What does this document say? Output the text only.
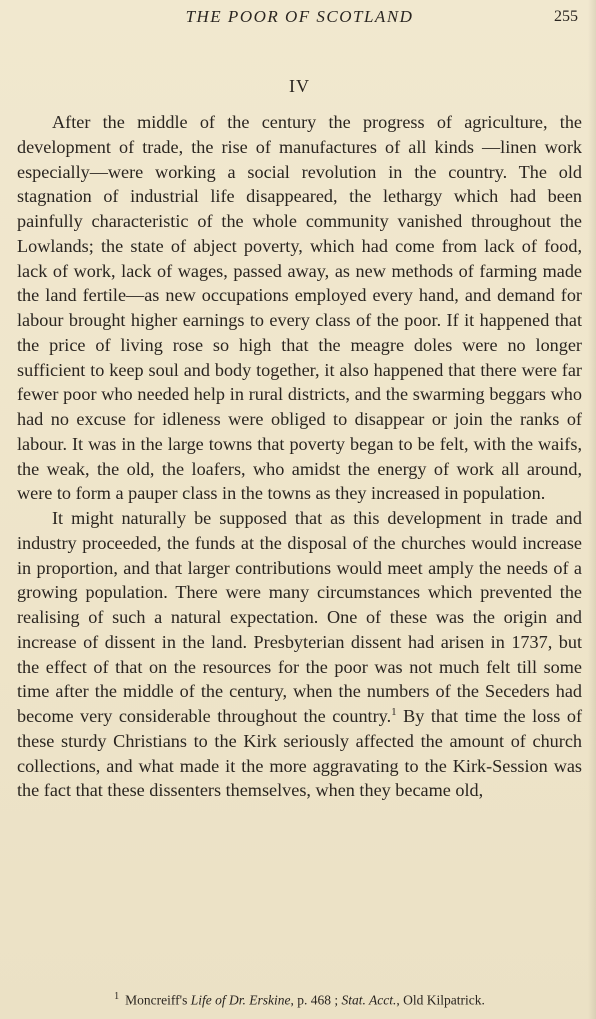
THE POOR OF SCOTLAND	255
IV

After the middle of the century the progress of agriculture, the development of trade, the rise of manufactures of all kinds —linen work especially—were working a social revolution in the country. The old stagnation of industrial life disappeared, the lethargy which had been painfully characteristic of the whole community vanished throughout the Lowlands; the state of abject poverty, which had come from lack of food, lack of work, lack of wages, passed away, as new methods of farming made the land fertile—as new occupations employed every hand, and demand for labour brought higher earnings to every class of the poor. If it happened that the price of living rose so high that the meagre doles were no longer sufficient to keep soul and body together, it also happened that there were far fewer poor who needed help in rural districts, and the swarming beggars who had no excuse for idleness were obliged to disappear or join the ranks of labour. It was in the large towns that poverty began to be felt, with the waifs, the weak, the old, the loafers, who amidst the energy of work all around, were to form a pauper class in the towns as they increased in population.

It might naturally be supposed that as this development in trade and industry proceeded, the funds at the disposal of the churches would increase in proportion, and that larger contributions would meet amply the needs of a growing population. There were many circumstances which prevented the realising of such a natural expectation. One of these was the origin and increase of dissent in the land. Presbyterian dissent had arisen in 1737, but the effect of that on the resources for the poor was not much felt till some time after the middle of the century, when the numbers of the Seceders had become very considerable throughout the country.$^1$ By that time the loss of these sturdy Christians to the Kirk seriously affected the amount of church collections, and what made it the more aggravating to the Kirk-Session was the fact that these dissenters themselves, when they became old,

$^1$ Moncreiff's Life of Dr. Erskine, p. 468 ; Stat. Acct., Old Kilpatrick.
